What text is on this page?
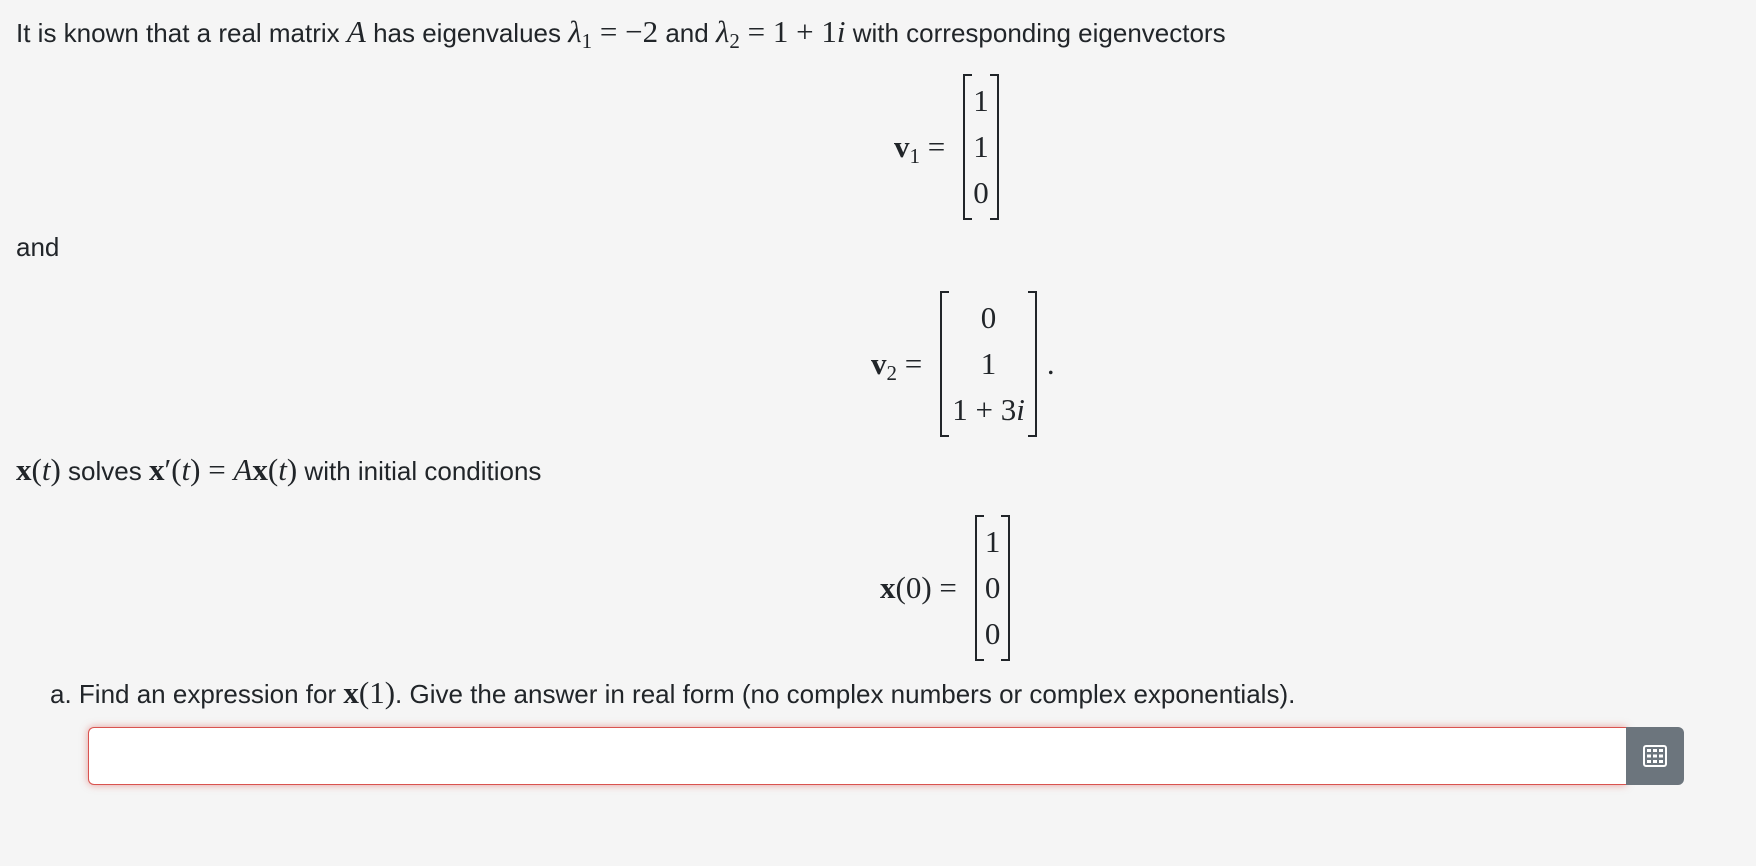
It is known that a real matrix A has eigenvalues $\lambda_1 = -2$ and $\lambda_2 = 1 + 1i$ with corresponding eigenvectors
$v_1$ =
1
1
0
and
$v_2$ =
0
1
1 + 3i
.
x(t) solves x′(t) = Ax(t) with initial conditions
x(0) =
1
0
0
a. Find an expression for x(1). Give the answer in real form (no complex numbers or complex exponentials).
